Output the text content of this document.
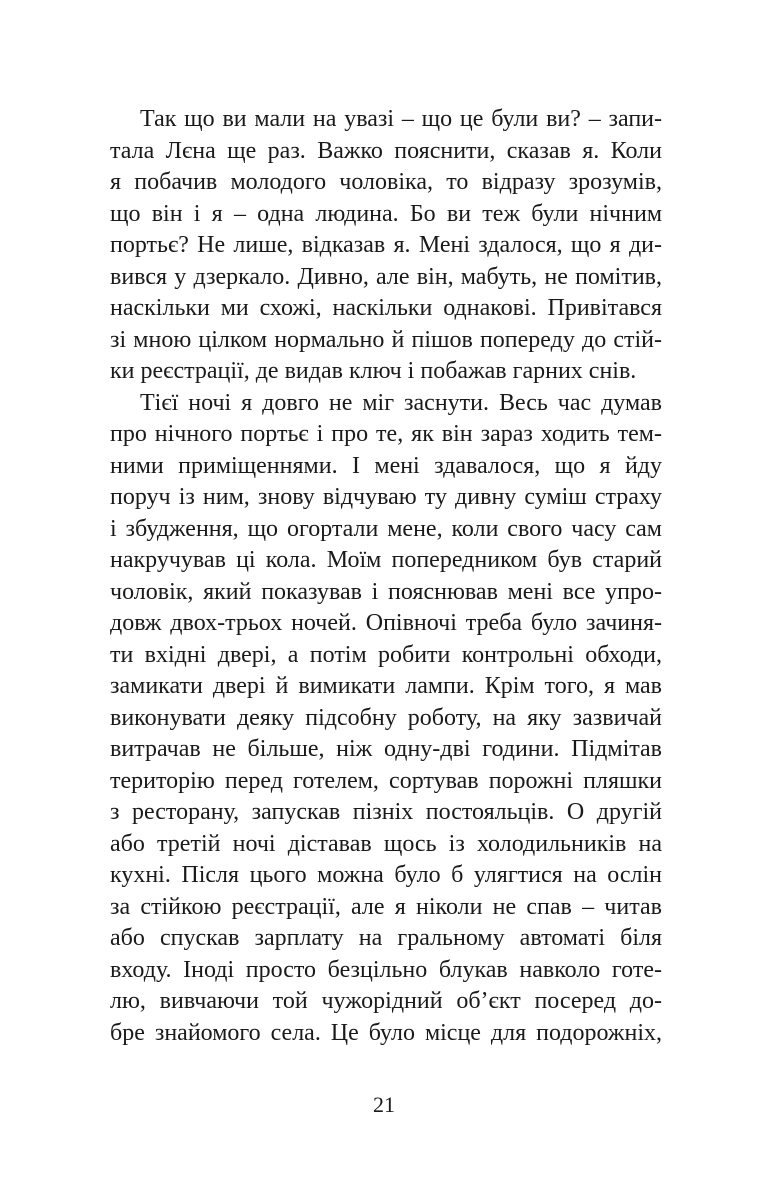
Так що ви мали на увазі – що це були ви? – запи-
тала Лєна ще раз. Важко пояснити, сказав я. Коли
я побачив молодого чоловіка, то відразу зрозумів,
що він і я – одна людина. Бо ви теж були нічним
портьє? Не лише, відказав я. Мені здалося, що я ди-
вився у дзеркало. Дивно, але він, мабуть, не помітив,
наскільки ми схожі, наскільки однакові. Привітався
зі мною цілком нормально й пішов попереду до стій-
ки реєстрації, де видав ключ і побажав гарних снів.
Тієї ночі я довго не міг заснути. Весь час думав
про нічного портьє і про те, як він зараз ходить тем-
ними приміщеннями. І мені здавалося, що я йду
поруч із ним, знову відчуваю ту дивну суміш страху
і збудження, що огортали мене, коли свого часу сам
накручував ці кола. Моїм попередником був старий
чоловік, який показував і пояснював мені все упро-
довж двох-трьох ночей. Опівночі треба було зачиня-
ти вхідні двері, а потім робити контрольні обходи,
замикати двері й вимикати лампи. Крім того, я мав
виконувати деяку підсобну роботу, на яку зазвичай
витрачав не більше, ніж одну-дві години. Підмітав
територію перед готелем, сортував порожні пляшки
з ресторану, запускав пізніх постояльців. О другій
або третій ночі діставав щось із холодильників на
кухні. Після цього можна було б улягтися на ослін
за стійкою реєстрації, але я ніколи не спав – читав
або спускав зарплату на гральному автоматі біля
входу. Іноді просто безцільно блукав навколо готе-
лю, вивчаючи той чужорідний об’єкт посеред до-
бре знайомого села. Це було місце для подорожніх,
21
